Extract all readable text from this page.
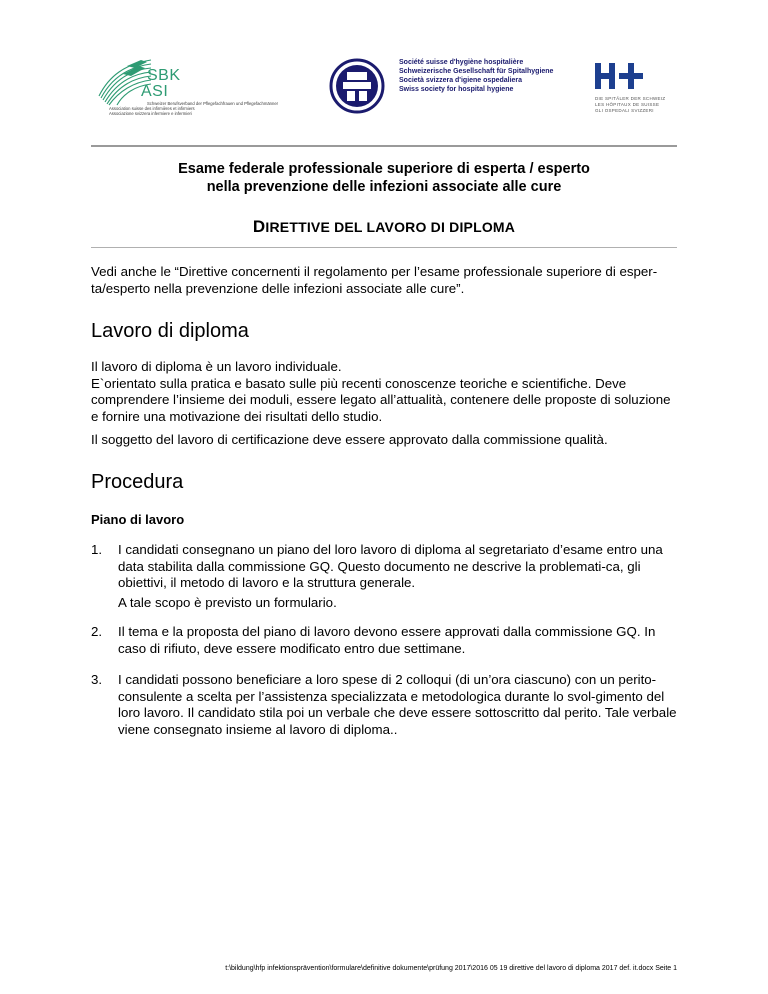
SBK
ASI
Schweizer Berufsverband der Pflegefachfrauen und Pflegefachmänner
Association suisse des infirmières et infirmiers
Associazione svizzera infermiere e infermieri
Société suisse d'hygiène hospitalière
Schweizerische Gesellschaft für Spitalhygiene
Società svizzera d'igiene ospedaliera
Swiss society for hospital hygiene
DIE SPITÄLER DER SCHWEIZ
LES HÔPITAUX DE SUISSE
GLI OSPEDALI SVIZZERI
Esame federale professionale superiore di esperta / esperto
nella prevenzione delle infezioni associate alle cure
DIRETTIVE DEL LAVORO DI DIPLOMA
Vedi anche le “Direttive concernenti il regolamento per l’esame professionale superiore di esper-ta/esperto nella prevenzione delle infezioni associate alle cure”.
Lavoro di diploma
Il lavoro di diploma è un lavoro individuale.
E`orientato sulla pratica e basato sulle più recenti conoscenze teoriche e scientifiche. Deve comprendere l’insieme dei moduli, essere legato all’attualità, contenere delle proposte di soluzione e fornire una motivazione dei risultati dello studio.
Il soggetto del lavoro di certificazione deve essere approvato dalla commissione qualità.
Procedura
Piano di lavoro
1. I candidati consegnano un piano del loro lavoro di diploma al segretariato d’esame entro una data stabilita dalla commissione GQ. Questo documento ne descrive la problemati-ca, gli obiettivi, il metodo di lavoro e la struttura generale.
A tale scopo è previsto un formulario.
2. Il tema e la proposta del piano di lavoro devono essere approvati dalla commissione GQ. In caso di rifiuto, deve essere modificato entro due settimane.
3. I candidati possono beneficiare a loro spese di 2 colloqui (di un’ora ciascuno) con un perito-consulente a scelta per l’assistenza specializzata e metodologica durante lo svol-gimento del loro lavoro. Il candidato stila poi un verbale che deve essere sottoscritto dal perito. Tale verbale viene consegnato insieme al lavoro di diploma..
t:\bildung\hfp infektionsprävention\formulare\definitive dokumente\prüfung 2017\2016 05 19 direttive del lavoro di diploma 2017 def. it.docx Seite 1
